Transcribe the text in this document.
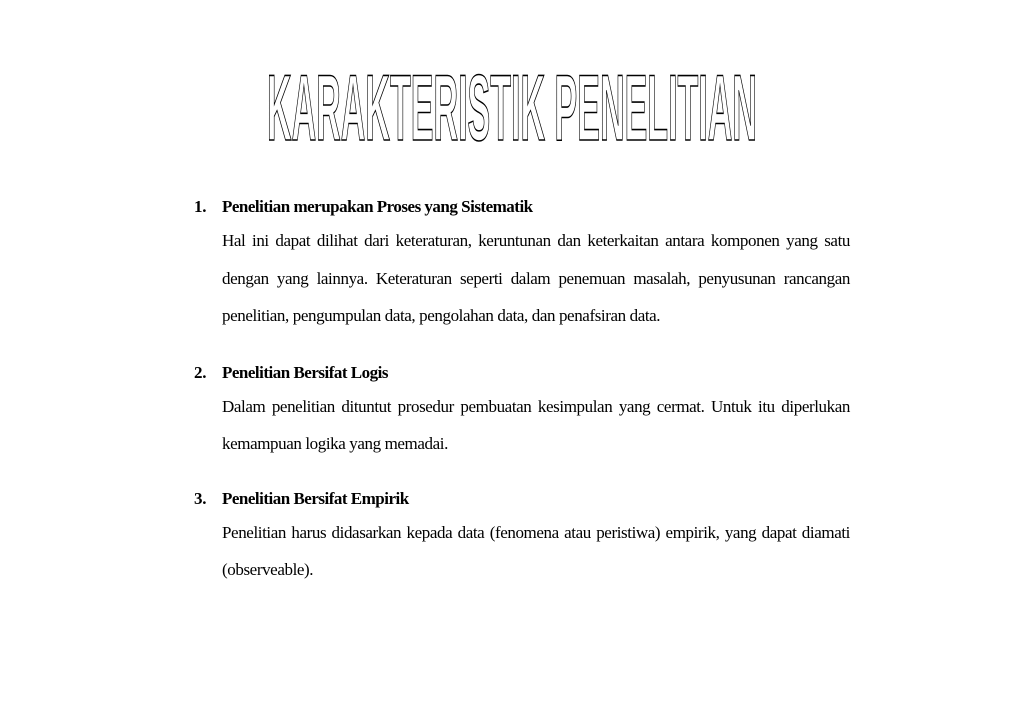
KARAKTERISTIK PENELITIAN
1. Penelitian merupakan Proses yang Sistematik

Hal ini dapat dilihat dari keteraturan, keruntunan dan keterkaitan antara komponen yang satu dengan yang lainnya. Keteraturan seperti dalam penemuan masalah, penyusunan rancangan penelitian, pengumpulan data, pengolahan data, dan penafsiran data.

2. Penelitian Bersifat Logis

Dalam penelitian dituntut prosedur pembuatan kesimpulan yang cermat. Untuk itu diperlukan kemampuan logika yang memadai.

3. Penelitian Bersifat Empirik

Penelitian harus didasarkan kepada data (fenomena atau peristiwa) empirik, yang dapat diamati (observeable).
